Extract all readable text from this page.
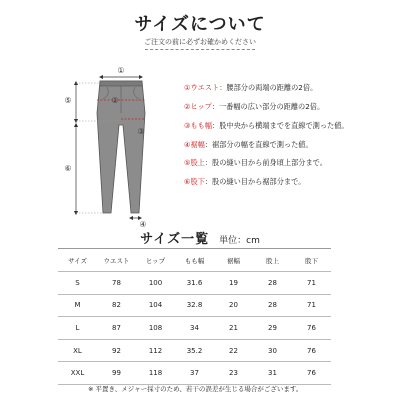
サイズについて
ご注文の前に必ずお確かめください
①
②
③
④
⑤
⑥
①ウエスト：腰部分の両端の距離の2倍。
②ヒップ：一番幅の広い部分の距離の2倍。
③もも幅：股中央から横端までを直線で測った値。
④裾幅：裾部分の幅を直線で測った値。
⑤股上：股の縫い目から前身頃上部分まで。
⑥股下：股の縫い目から裾部分まで。
サイズ一覧 単位：cm
サイズ	ウエスト	ヒップ	もも幅	裾幅	股上	股下
S	78	100	31.6	19	28	71
M	82	104	32.8	20	28	71
L	87	108	34	21	29	76
XL	92	112	35.2	22	30	76
XXL	99	118	37	23	31	76
※ 平置き、メジャー採寸のため、若干の誤差が生じる場合がございます。
